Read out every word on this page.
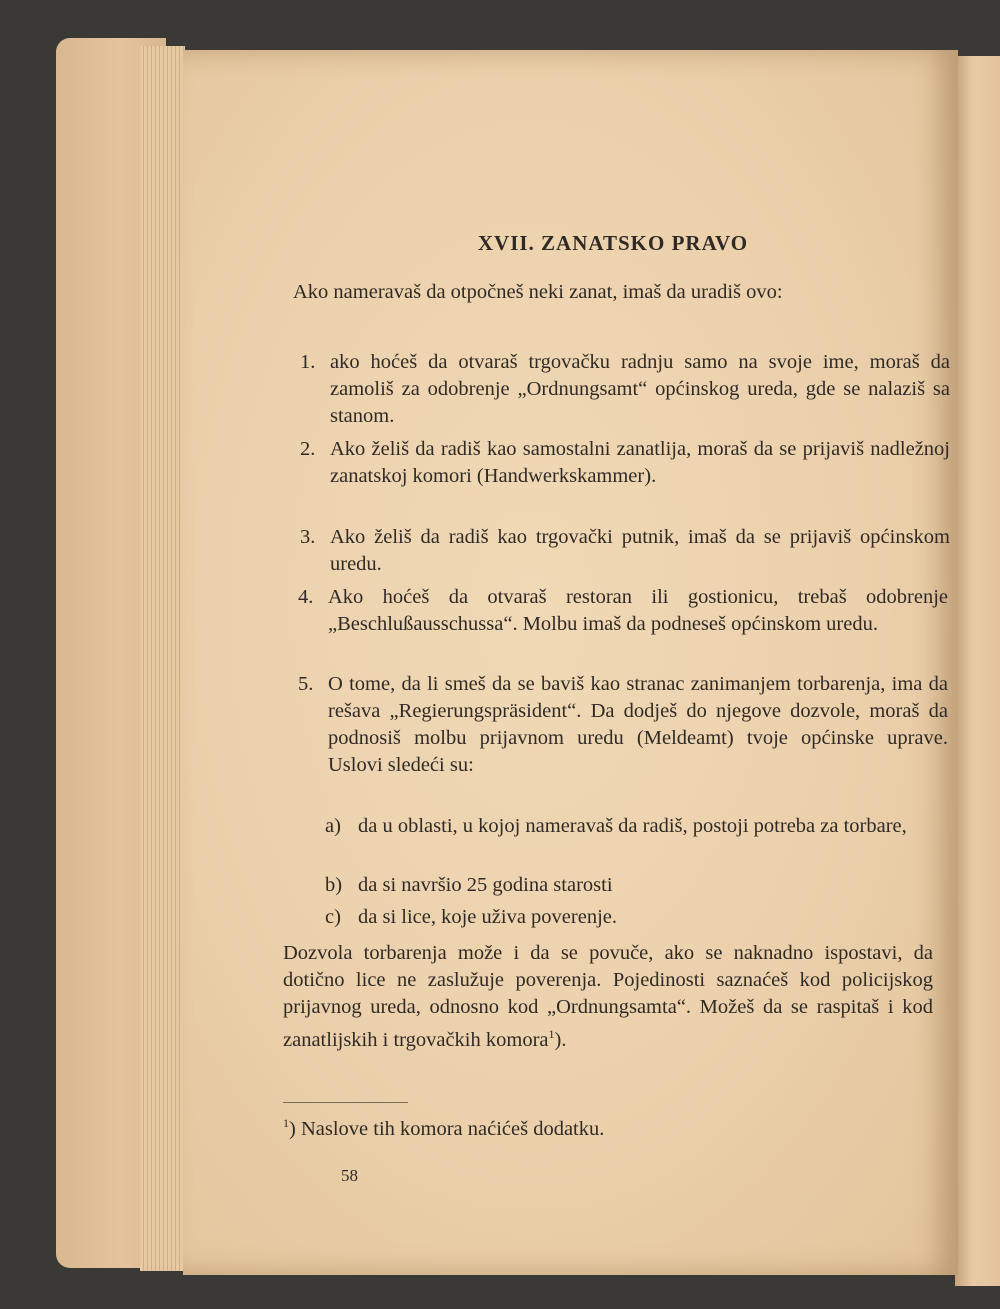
XVII. ZANATSKO PRAVO
Ako nameravaš da otpočneš neki zanat, imaš da uradiš ovo:
1. ako hoćeš da otvaraš trgovačku radnju samo na svoje ime, moraš da zamoliš za odobrenje „Ordnungsamt“ općinskog ureda, gde se nalaziš sa stanom.
2. Ako želiš da radiš kao samostalni zanatlija, moraš da se prijaviš nadležnoj zanatskoj komori (Handwerkskammer).
3. Ako želiš da radiš kao trgovački putnik, imaš da se prijaviš općinskom uredu.
4. Ako hoćeš da otvaraš restoran ili gostionicu, trebaš odobrenje „Beschlußausschussa“. Molbu imaš da podneseš općinskom uredu.
5. O tome, da li smeš da se baviš kao stranac zanimanjem torbarenja, ima da rešava „Regierungspräsident“. Da dodješ do njegove dozvole, moraš da podnosiš molbu prijavnom uredu (Meldeamt) tvoje općinske uprave. Uslovi sledeći su:
a) da u oblasti, u kojoj nameravaš da radiš, postoji potreba za torbare,
b) da si navršio 25 godina starosti
c) da si lice, koje uživa poverenje.
Dozvola torbarenja može i da se povuče, ako se naknadno ispostavi, da dotično lice ne zaslužuje poverenja. Pojedinosti saznaćeš kod policijskog prijavnog ureda, odnosno kod „Ordnungsamta“. Možeš da se raspitaš i kod zanatlijskih i trgovačkih komora$^1$).
$^1$) Naslove tih komora naćićeš dodatku.
58
